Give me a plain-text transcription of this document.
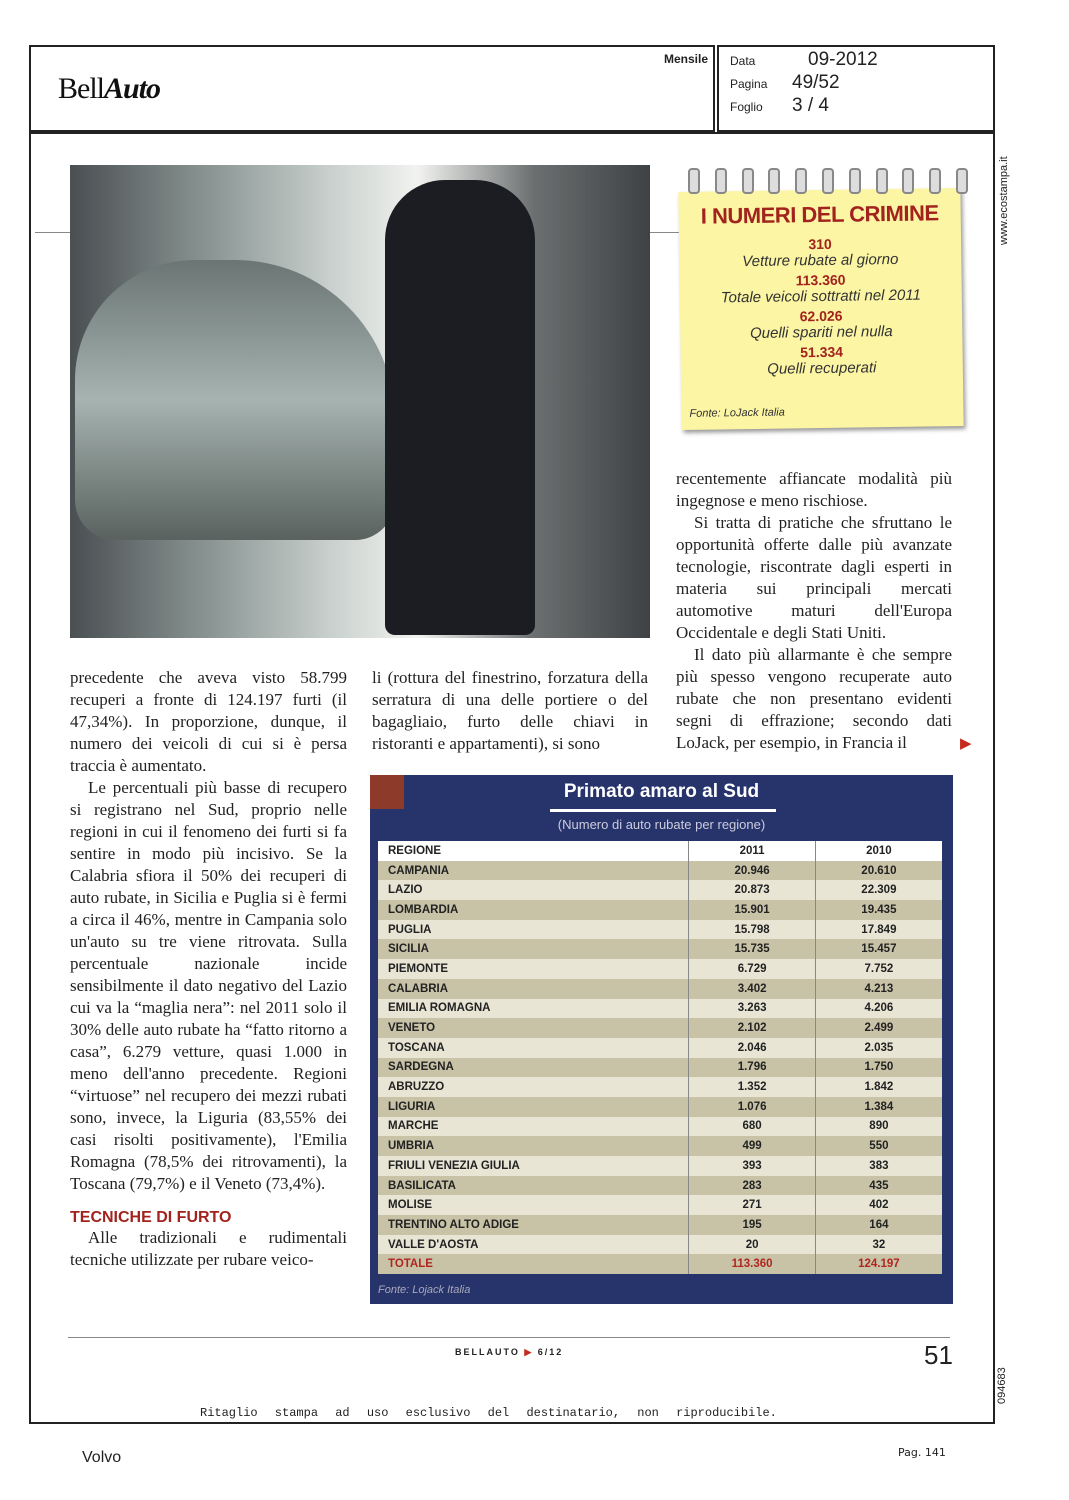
BellAuto
Mensile Data	09-2012
Pagina 49/52
Foglio 3 / 4
www.ecostampa.it
094683
I NUMERI DEL CRIMINE
310
Vetture rubate al giorno
113.360
Totale veicoli sottratti nel 2011
62.026
Quelli spariti nel nulla
51.334
Quelli recuperati
Fonte: LoJack Italia

recentemente affiancate modalità più ingegnose e meno rischiose.

Si tratta di pratiche che sfruttano le opportunità offerte dalle più avanzate tecnologie, riscontrate dagli esperti in materia sui principali mercati automotive maturi dell'Europa Occidentale e degli Stati Uniti.

Il dato più allarmante è che sempre più spesso vengono recuperate auto rubate che non presentano evidenti segni di effrazione; secondo dati LoJack, per esempio, in Francia il	▶

precedente che aveva visto 58.799 recuperi a fronte di 124.197 furti (il 47,34%). In proporzione, dunque, il numero dei veicoli di cui si è persa traccia è aumentato.

Le percentuali più basse di recupero si registrano nel Sud, proprio nelle regioni in cui il fenomeno dei furti si fa sentire in modo più incisivo. Se la Calabria sfiora il 50% dei recuperi di auto rubate, in Sicilia e Puglia si è fermi a circa il 46%, mentre in Campania solo un'auto su tre viene ritrovata. Sulla percentuale nazionale incide sensibilmente il dato negativo del Lazio cui va la “maglia nera”: nel 2011 solo il 30% delle auto rubate ha “fatto ritorno a casa”, 6.279 vetture, quasi 1.000 in meno dell'anno precedente. Regioni “virtuose” nel recupero dei mezzi rubati sono, invece, la Liguria (83,55% dei casi risolti positivamente), l'Emilia Romagna (78,5% dei ritrovamenti), la Toscana (79,7%) e il Veneto (73,4%).

TECNICHE DI FURTO

Alle tradizionali e rudimentali tecniche utilizzate per rubare veico-

li (rottura del finestrino, forzatura della serratura di una delle portiere o del bagagliaio, furto delle chiavi in ristoranti e appartamenti), si sono

Primato amaro al Sud
(Numero di auto rubate per regione)
REGIONE	2011	2010
CAMPANIA	20.946	20.610
LAZIO	20.873	22.309
LOMBARDIA	15.901	19.435
PUGLIA	15.798	17.849
SICILIA	15.735	15.457
PIEMONTE	6.729	7.752
CALABRIA	3.402	4.213
EMILIA ROMAGNA	3.263	4.206
VENETO	2.102	2.499
TOSCANA	2.046	2.035
SARDEGNA	1.796	1.750
ABRUZZO	1.352	1.842
LIGURIA	1.076	1.384
MARCHE	680	890
UMBRIA	499	550
FRIULI VENEZIA GIULIA	393	383
BASILICATA	283	435
MOLISE	271	402
TRENTINO ALTO ADIGE	195	164
VALLE D'AOSTA	20	32
TOTALE	113.360	124.197
Fonte: Lojack Italia
BELLAUTO ▶ 6/12	51
Ritaglio stampa ad uso esclusivo del destinatario, non riproducibile.
Volvo	Pag. 141
